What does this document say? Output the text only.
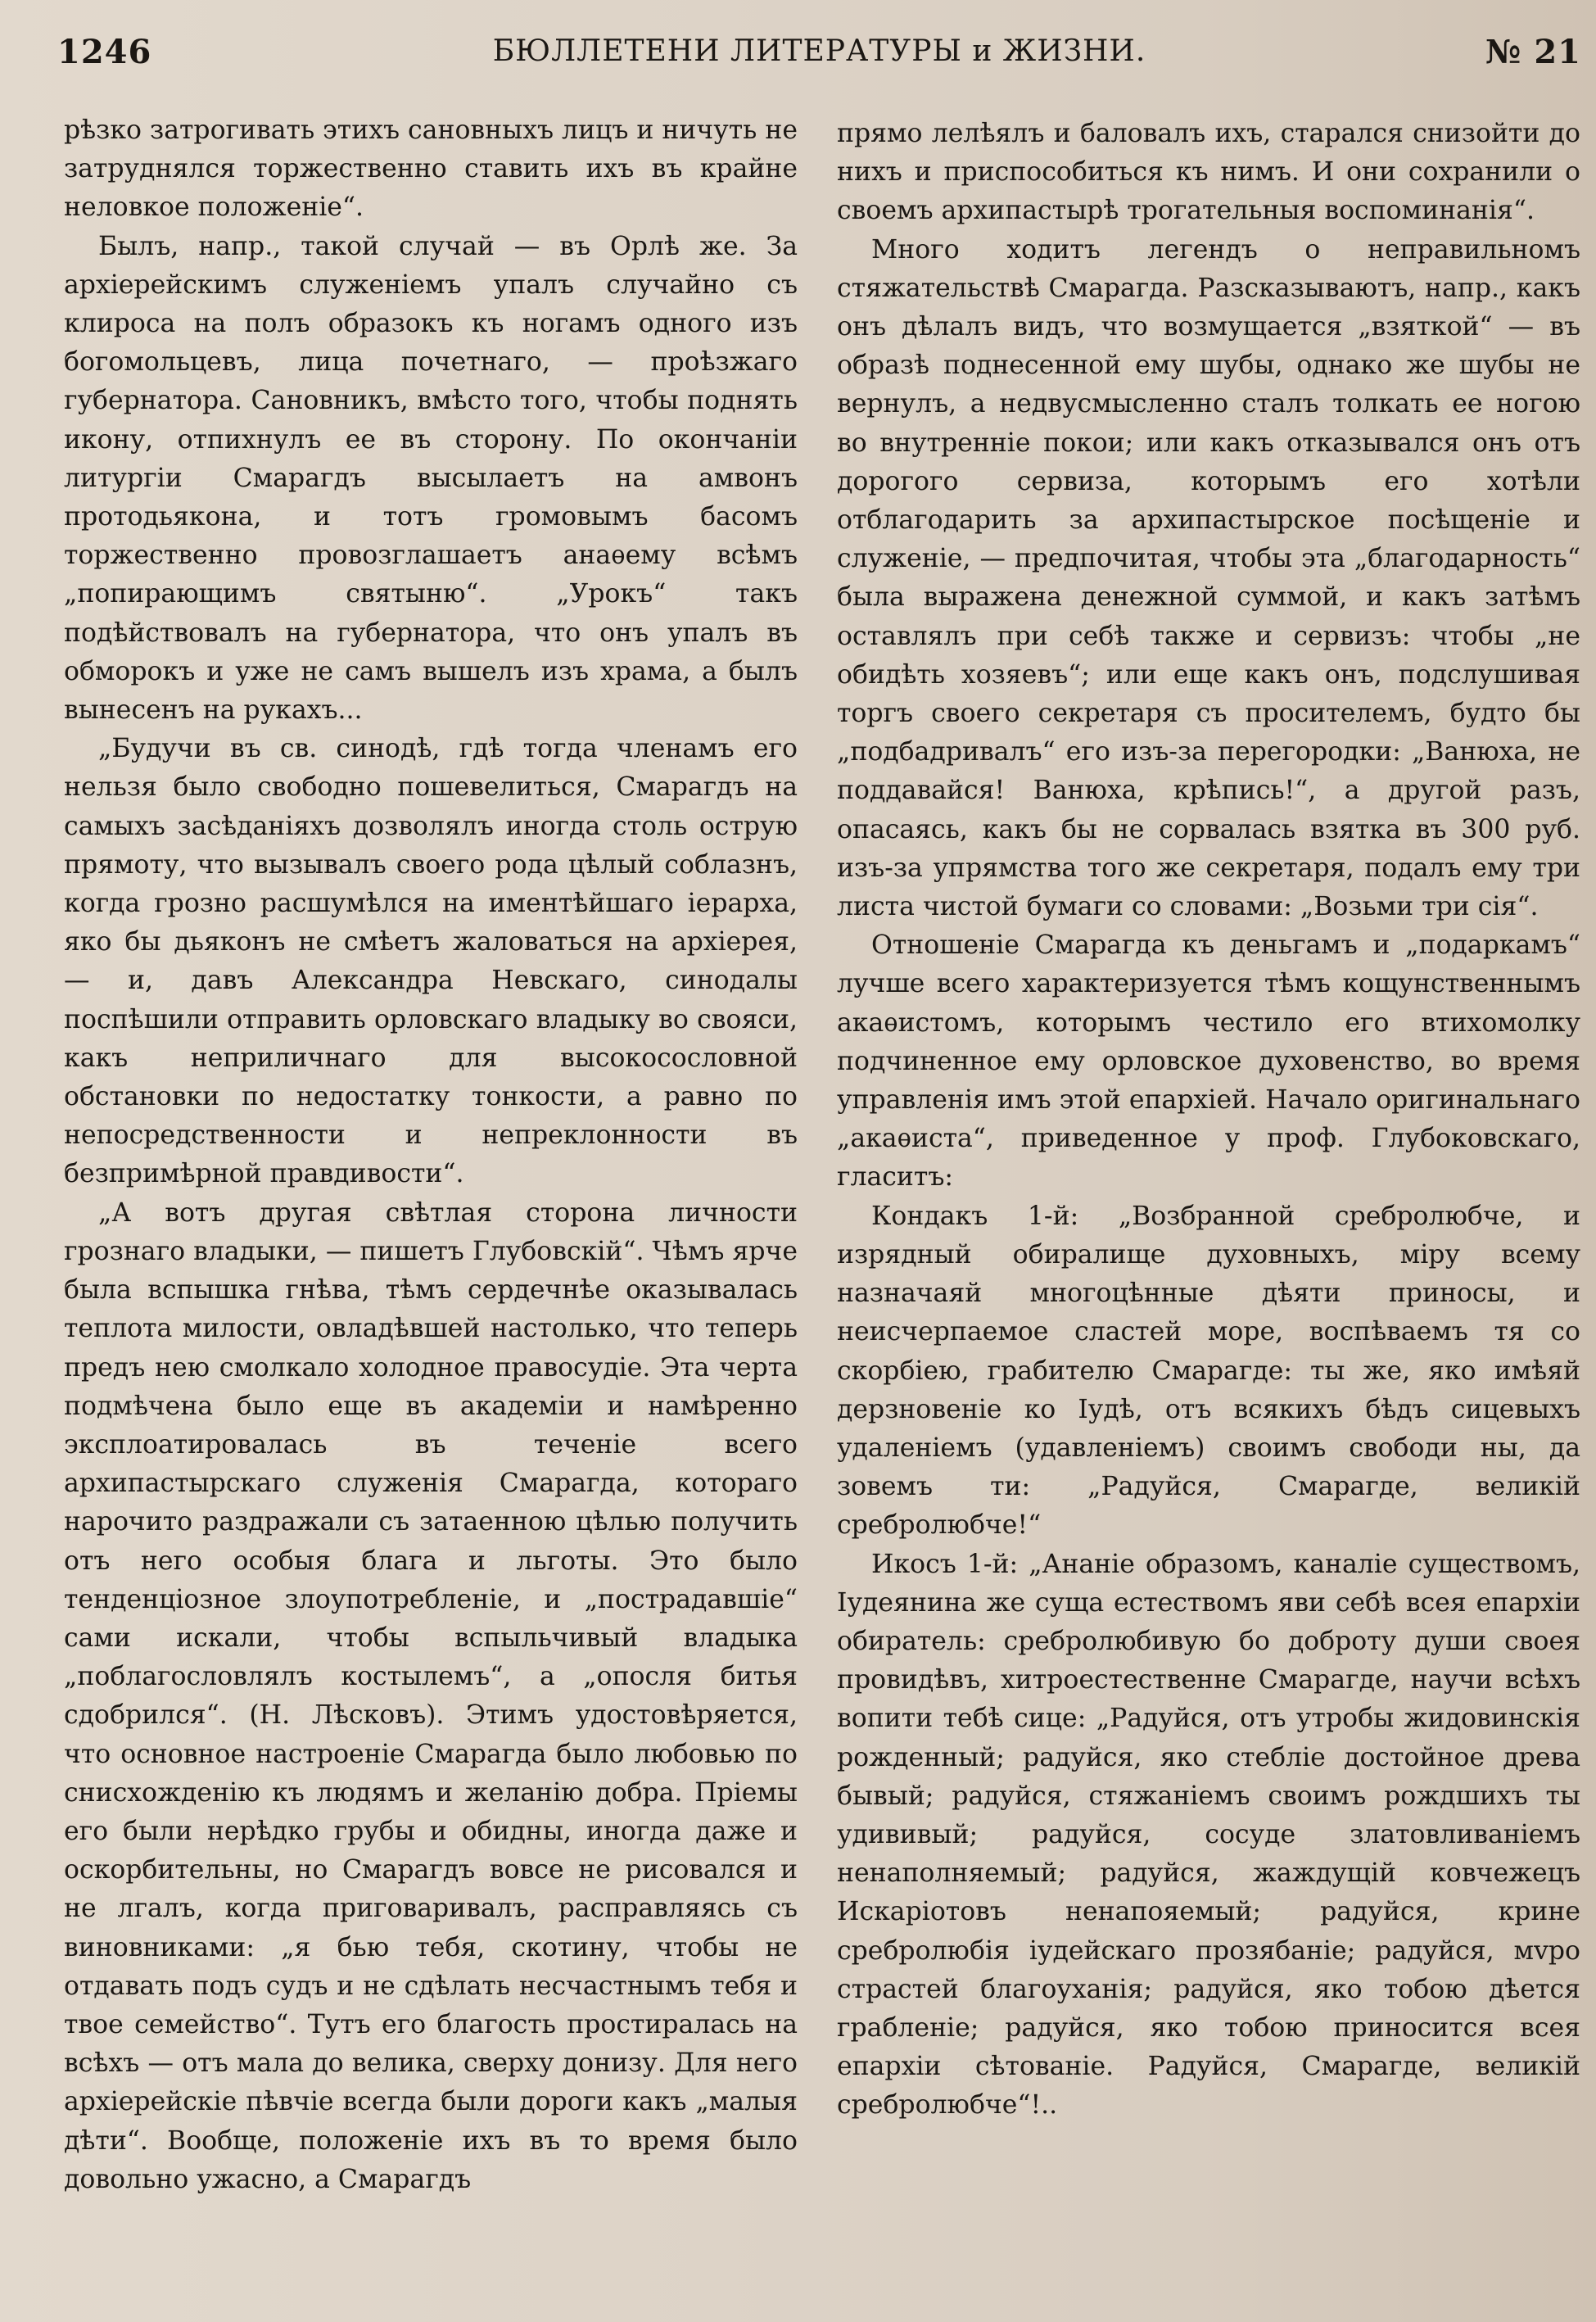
1246	БЮЛЛЕТЕНИ ЛИТЕРАТУРЫ и ЖИЗНИ.	№ 21

рѣзко затрогивать этихъ сановныхъ лицъ и ничуть не затруднялся торжественно ставить ихъ въ крайне неловкое положеніе“.

Былъ, напр., такой случай — въ Орлѣ же. За архіерейскимъ служеніемъ упалъ случайно съ клироса на полъ образокъ къ ногамъ одного изъ богомольцевъ, лица почетнаго, — проѣзжаго губернатора. Сановникъ, вмѣсто того, чтобы поднять икону, отпихнулъ ее въ сторону. По окончаніи литургіи Смарагдъ высылаетъ на амвонъ протодьякона, и тотъ громовымъ басомъ торжественно провозглашаетъ анаѳему всѣмъ „попирающимъ святыню“. „Урокъ“ такъ подѣйствовалъ на губернатора, что онъ упалъ въ обморокъ и уже не самъ вышелъ изъ храма, а былъ вынесенъ на рукахъ...

„Будучи въ св. синодѣ, гдѣ тогда членамъ его нельзя было свободно пошевелиться, Смарагдъ на самыхъ засѣданіяхъ дозволялъ иногда столь острую прямоту, что вызывалъ своего рода цѣлый соблазнъ, когда грозно расшумѣлся на иментѣйшаго іерарха, яко бы дьяконъ не смѣетъ жаловаться на архіерея, — и, давъ Александра Невскаго, синодалы поспѣшили отправить орловскаго владыку во свояси, какъ неприличнаго для высокосословной обстановки по недостатку тонкости, а равно по непосредственности и непреклонности въ безпримѣрной правдивости“.

„А вотъ другая свѣтлая сторона личности грознаго владыки, — пишетъ Глубовскій“. Чѣмъ ярче была вспышка гнѣва, тѣмъ сердечнѣе оказывалась теплота милости, овладѣвшей настолько, что теперь предъ нею смолкало холодное правосудіе. Эта черта подмѣчена было еще въ академіи и намѣренно эксплоатировалась въ теченіе всего архипастырскаго служенія Смарагда, котораго нарочито раздражали съ затаенною цѣлью получить отъ него особыя блага и льготы. Это было тенденціозное злоупотребленіе, и „пострадавшіе“ сами искали, чтобы вспыльчивый владыка „поблагословлялъ костылемъ“, а „опосля битья сдобрился“. (Н. Лѣсковъ). Этимъ удостовѣряется, что основное настроеніе Смарагда было любовью по снисхожденію къ людямъ и желанію добра. Пріемы его были нерѣдко грубы и обидны, иногда даже и оскорбительны, но Смарагдъ вовсе не рисовался и не лгалъ, когда приговаривалъ, расправляясь съ виновниками: „я бью тебя, скотину, чтобы не отдавать подъ судъ и не сдѣлать несчастнымъ тебя и твое семейство“. Тутъ его благость простиралась на всѣхъ — отъ мала до велика, сверху донизу. Для него архіерейскіе пѣвчіе всегда были дороги какъ „малыя дѣти“. Вообще, положеніе ихъ въ то время было довольно ужасно, а Смарагдъ

прямо лелѣялъ и баловалъ ихъ, старался снизойти до нихъ и приспособиться къ нимъ. И они сохранили о своемъ архипастырѣ трогательныя воспоминанія“.

Много ходитъ легендъ о неправильномъ стяжательствѣ Смарагда. Разсказываютъ, напр., какъ онъ дѣлалъ видъ, что возмущается „взяткой“ — въ образѣ поднесенной ему шубы, однако же шубы не вернулъ, а недвусмысленно сталъ толкать ее ногою во внутренніе покои; или какъ отказывался онъ отъ дорогого сервиза, которымъ его хотѣли отблагодарить за архипастырское посѣщеніе и служеніе, — предпочитая, чтобы эта „благодарность“ была выражена денежной суммой, и какъ затѣмъ оставлялъ при себѣ также и сервизъ: чтобы „не обидѣть хозяевъ“; или еще какъ онъ, подслушивая торгъ своего секретаря съ просителемъ, будто бы „подбадривалъ“ его изъ-за перегородки: „Ванюха, не поддавайся! Ванюха, крѣпись!“, а другой разъ, опасаясь, какъ бы не сорвалась взятка въ 300 руб. изъ-за упрямства того же секретаря, подалъ ему три листа чистой бумаги со словами: „Возьми три сія“.

Отношеніе Смарагда къ деньгамъ и „подаркамъ“ лучше всего характеризуется тѣмъ кощунственнымъ акаѳистомъ, которымъ честило его втихомолку подчиненное ему орловское духовенство, во время управленія имъ этой епархіей. Начало оригинальнаго „акаѳиста“, приведенное у проф. Глубоковскаго, гласитъ:

Кондакъ 1-й: „Возбранной сребролюбче, и изрядный обиралище духовныхъ, міру всему назначаяй многоцѣнные дѣяти приносы, и неисчерпаемое сластей море, воспѣваемъ тя со скорбіею, грабителю Смарагде: ты же, яко имѣяй дерзновеніе ко Іудѣ, отъ всякихъ бѣдъ сицевыхъ удаленіемъ (удавленіемъ) своимъ свободи ны, да зовемъ ти: „Радуйся, Смарагде, великій сребролюбче!“

Икосъ 1-й: „Ананіе образомъ, каналіе существомъ, Іудеянина же суща естествомъ яви себѣ всея епархіи обиратель: сребролюбивую бо доброту души своея провидѣвъ, хитроестественне Смарагде, научи всѣхъ вопити тебѣ сице: „Радуйся, отъ утробы жидовинскія рожденный; радуйся, яко стебліе достойное древа бывый; радуйся, стяжаніемъ своимъ рождшихъ ты удививый; радуйся, сосуде златовливаніемъ ненаполняемый; радуйся, жаждущій ковчежецъ Искаріотовъ ненапояемый; радуйся, крине сребролюбія іудейскаго прозябаніе; радуйся, мvро страстей благоуханія; радуйся, яко тобою дѣется грабленіе; радуйся, яко тобою приносится всея епархіи сѣтованіе. Радуйся, Смарагде, великій сребролюбче“!..
